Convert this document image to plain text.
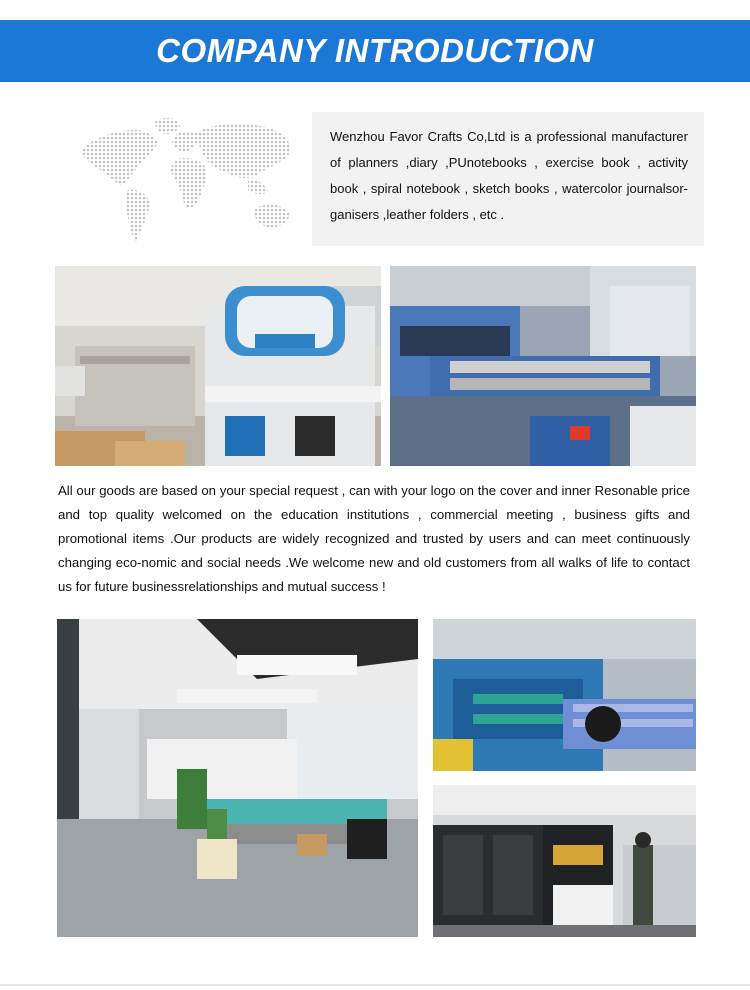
COMPANY INTRODUCTION

Wenzhou Favor Crafts Co,Ltd is a professional manufacturer of planners ,diary ,PUnotebooks , exercise book , activity book , spiral notebook , sketch books , watercolor journalsor-ganisers ,leather folders , etc .

All our goods are based on your special request , can with your logo on the cover and inner Resonable price and top quality welcomed on the education institutions , commercial meeting , business gifts and promotional items .Our products are widely recognized and trusted by users and can meet continuously changing eco-nomic and social needs .We welcome new and old customers from all walks of life to contact us for future businessrelationships and mutual success !
